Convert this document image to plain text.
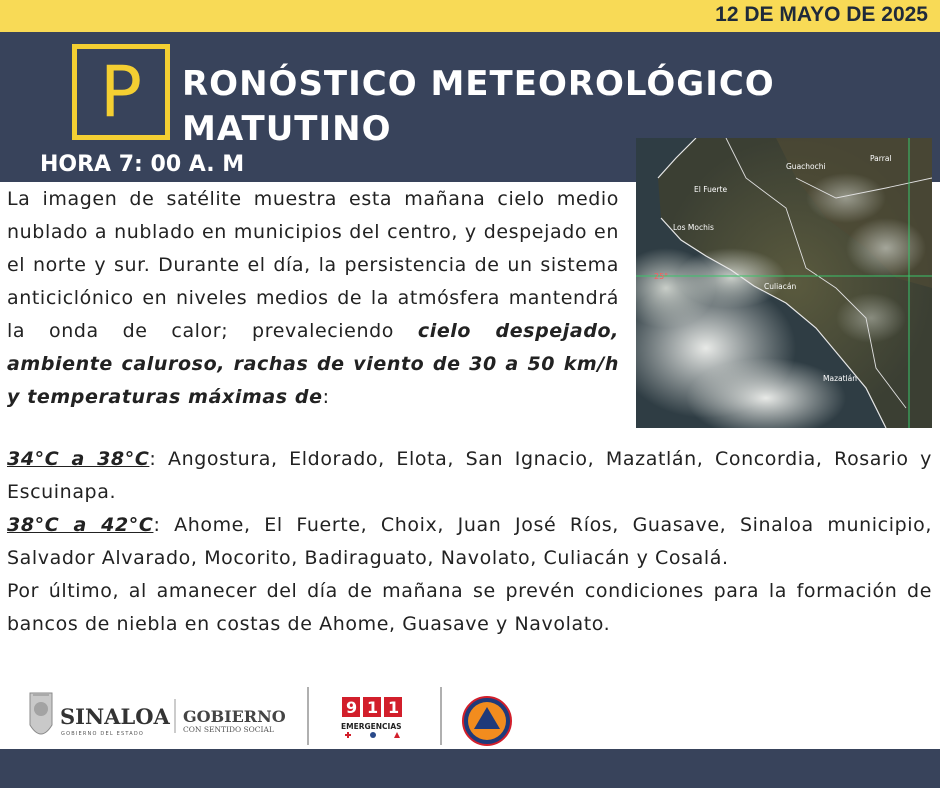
12 DE MAYO DE 2025
P	RONÓSTICO METEOROLÓGICO
MATUTINO
HORA 7: 00 A. M
25°
Guachochi
Parral
El Fuerte
Los Mochis
Culiacán
Mazatlán
La imagen de satélite muestra esta mañana cielo medio nublado a nublado en municipios del centro, y despejado en el norte y sur. Durante el día, la persistencia de un sistema anticiclónico en niveles medios de la atmósfera mantendrá la onda de calor; prevaleciendo cielo despejado, ambiente caluroso, rachas de viento de 30 a 50 km/h y temperaturas máximas de:
34°C a 38°C: Angostura, Eldorado, Elota, San Ignacio, Mazatlán, Concordia, Rosario y Escuinapa.
38°C a 42°C: Ahome, El Fuerte, Choix, Juan José Ríos, Guasave, Sinaloa municipio, Salvador Alvarado, Mocorito, Badiraguato, Navolato, Culiacán y Cosalá.
Por último, al amanecer del día de mañana se prevén condiciones para la formación de bancos de niebla en costas de Ahome, Guasave y Navolato.
SINALOA
GOBIERNO DEL ESTADO
GOBIERNO
CON SENTIDO SOCIAL
9 1 1
EMERGENCIAS
